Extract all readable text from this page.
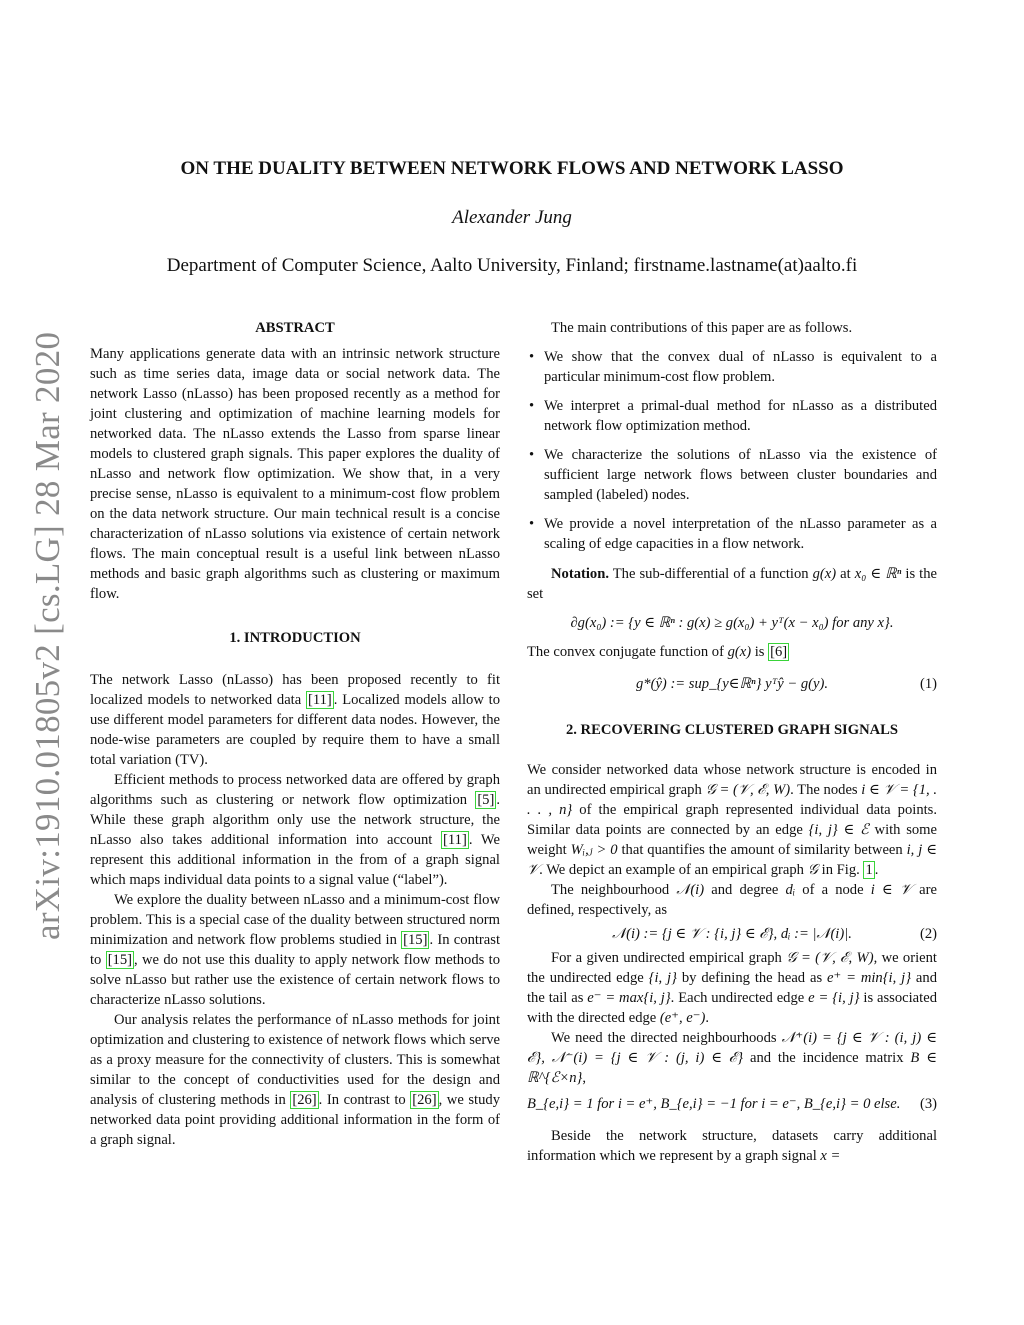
arXiv:1910.01805v2 [cs.LG] 28 Mar 2020
ON THE DUALITY BETWEEN NETWORK FLOWS AND NETWORK LASSO
Alexander Jung
Department of Computer Science, Aalto University, Finland; firstname.lastname(at)aalto.fi
ABSTRACT

Many applications generate data with an intrinsic network structure such as time series data, image data or social network data. The network Lasso (nLasso) has been proposed recently as a method for joint clustering and optimization of machine learning models for networked data. The nLasso extends the Lasso from sparse linear models to clustered graph signals. This paper explores the duality of nLasso and network flow optimization. We show that, in a very precise sense, nLasso is equivalent to a minimum-cost flow problem on the data network structure. Our main technical result is a concise characterization of nLasso solutions via existence of certain network flows. The main conceptual result is a useful link between nLasso methods and basic graph algorithms such as clustering or maximum flow.

1. INTRODUCTION

The network Lasso (nLasso) has been proposed recently to fit localized models to networked data [11] . Localized models allow to use different model parameters for different data nodes. However, the node-wise parameters are coupled by require them to have a small total variation (TV).

Efficient methods to process networked data are offered by graph algorithms such as clustering or network flow optimization [5] . While these graph algorithm only use the network structure, the nLasso also takes additional information into account [11] . We represent this additional information in the from of a graph signal which maps individual data points to a signal value (“label”).

We explore the duality between nLasso and a minimum-cost flow problem. This is a special case of the duality between structured norm minimization and network flow problems studied in [15] . In contrast to [15] , we do not use this duality to apply network flow methods to solve nLasso but rather use the existence of certain network flows to characterize nLasso solutions.

Our analysis relates the performance of nLasso methods for joint optimization and clustering to existence of network flows which serve as a proxy measure for the connectivity of clusters. This is somewhat similar to the concept of conductivities used for the design and analysis of clustering methods in [26] . In contrast to [26] , we study networked data point providing additional information in the form of a graph signal.

The main contributions of this paper are as follows.

• We show that the convex dual of nLasso is equivalent to a particular minimum-cost flow problem.
• We interpret a primal-dual method for nLasso as a distributed network flow optimization method.
• We characterize the solutions of nLasso via the existence of sufficient large network flows between cluster boundaries and sampled (labeled) nodes.
• We provide a novel interpretation of the nLasso parameter as a scaling of edge capacities in a flow network.

Notation. The sub-differential of a function g(x) at x₀ ∈ ℝⁿ is the set

∂g(x₀) := {y ∈ ℝⁿ : g(x) ≥ g(x₀) + yᵀ(x − x₀) for any x}.

The convex conjugate function of g(x) is [6]

g*(ŷ) := sup_{y∈ℝⁿ} yᵀŷ − g(y).	(1)
2. RECOVERING CLUSTERED GRAPH SIGNALS

We consider networked data whose network structure is encoded in an undirected empirical graph 𝒢 = (𝒱, ℰ, W). The nodes i ∈ 𝒱 = {1, . . . , n} of the empirical graph represented individual data points. Similar data points are connected by an edge {i, j} ∈ ℰ with some weight Wᵢ,ⱼ > 0 that quantifies the amount of similarity between i, j ∈ 𝒱. We depict an example of an empirical graph 𝒢 in Fig. 1 .

The neighbourhood 𝒩(i) and degree dᵢ of a node i ∈ 𝒱 are defined, respectively, as

𝒩(i) := {j ∈ 𝒱 : {i, j} ∈ ℰ}, dᵢ := |𝒩(i)|.	(2)

For a given undirected empirical graph 𝒢 = (𝒱, ℰ, W), we orient the undirected edge {i, j} by defining the head as e⁺ = min{i, j} and the tail as e⁻ = max{i, j}. Each undirected edge e = {i, j} is associated with the directed edge (e⁺, e⁻).

We need the directed neighbourhoods 𝒩⁺(i) = {j ∈ 𝒱 : (i, j) ∈ ℰ}, 𝒩⁻(i) = {j ∈ 𝒱 : (j, i) ∈ ℰ} and the incidence matrix B ∈ ℝ^{ℰ×n},

B_{e,i} = 1 for i = e⁺, B_{e,i} = −1 for i = e⁻, B_{e,i} = 0 else. (3)

Beside the network structure, datasets carry additional information which we represent by a graph signal x =
